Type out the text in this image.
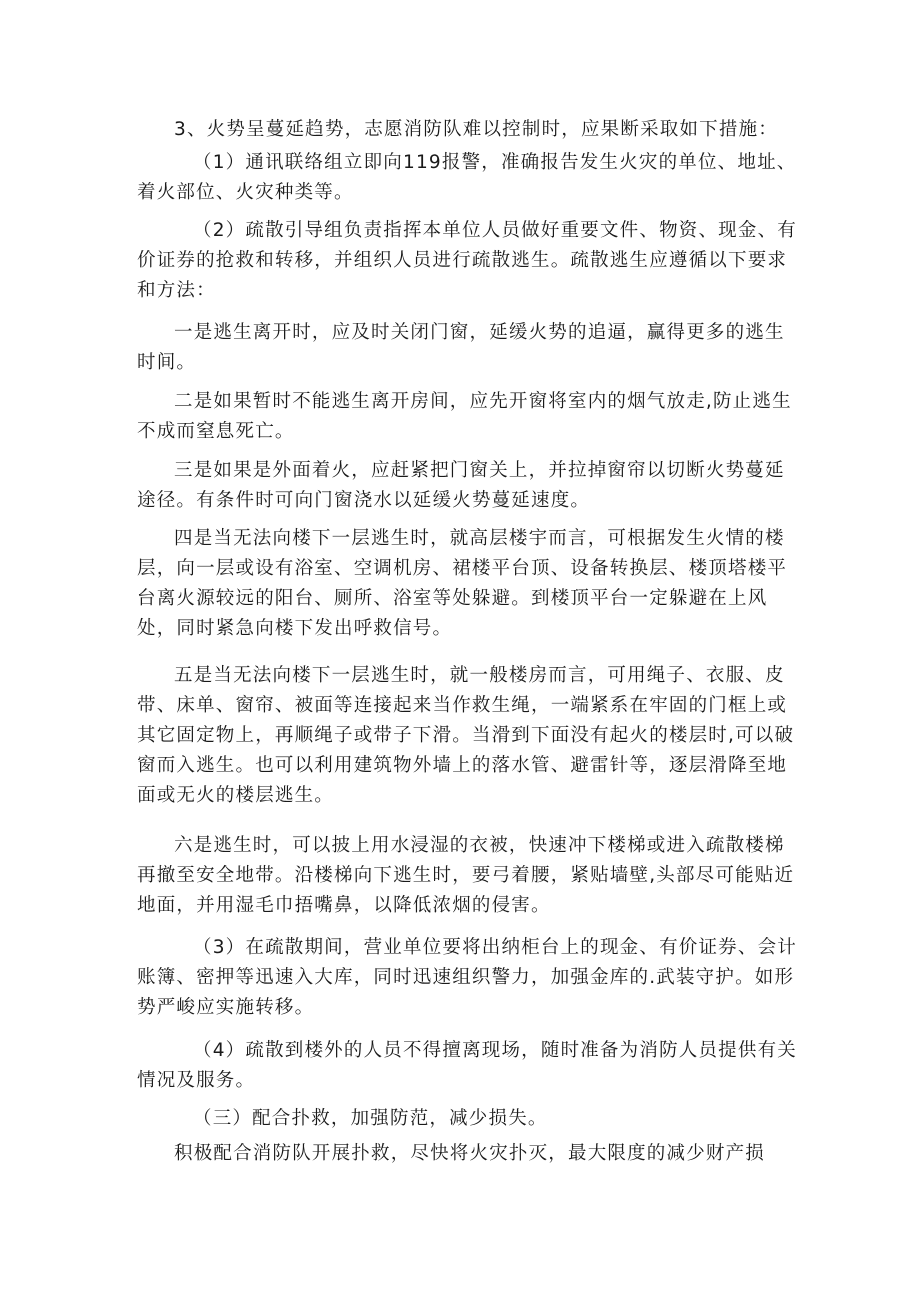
3、火势呈蔓延趋势，志愿消防队难以控制时，应果断采取如下措施：

（1）通讯联络组立即向119报警，准确报告发生火灾的单位、地址、着火部位、火灾种类等。

（2）疏散引导组负责指挥本单位人员做好重要文件、物资、现金、有价证券的抢救和转移，并组织人员进行疏散逃生。疏散逃生应遵循以下要求和方法：

一是逃生离开时，应及时关闭门窗，延缓火势的追逼，赢得更多的逃生时间。

二是如果暂时不能逃生离开房间，应先开窗将室内的烟气放走,防止逃生不成而窒息死亡。

三是如果是外面着火，应赶紧把门窗关上，并拉掉窗帘以切断火势蔓延途径。有条件时可向门窗浇水以延缓火势蔓延速度。

四是当无法向楼下一层逃生时，就高层楼宇而言，可根据发生火情的楼层，向一层或设有浴室、空调机房、裙楼平台顶、设备转换层、楼顶塔楼平台离火源较远的阳台、厕所、浴室等处躲避。到楼顶平台一定躲避在上风处，同时紧急向楼下发出呼救信号。

五是当无法向楼下一层逃生时，就一般楼房而言，可用绳子、衣服、皮带、床单、窗帘、被面等连接起来当作救生绳，一端紧系在牢固的门框上或其它固定物上，再顺绳子或带子下滑。当滑到下面没有起火的楼层时,可以破窗而入逃生。也可以利用建筑物外墙上的落水管、避雷针等，逐层滑降至地面或无火的楼层逃生。

六是逃生时，可以披上用水浸湿的衣被，快速冲下楼梯或进入疏散楼梯再撤至安全地带。沿楼梯向下逃生时，要弓着腰，紧贴墙壁,头部尽可能贴近地面，并用湿毛巾捂嘴鼻，以降低浓烟的侵害。

（3）在疏散期间，营业单位要将出纳柜台上的现金、有价证券、会计账簿、密押等迅速入大库，同时迅速组织警力，加强金库的.武装守护。如形势严峻应实施转移。

（4）疏散到楼外的人员不得擅离现场，随时准备为消防人员提供有关情况及服务。

（三）配合扑救，加强防范，减少损失。

积极配合消防队开展扑救，尽快将火灾扑灭，最大限度的减少财产损
